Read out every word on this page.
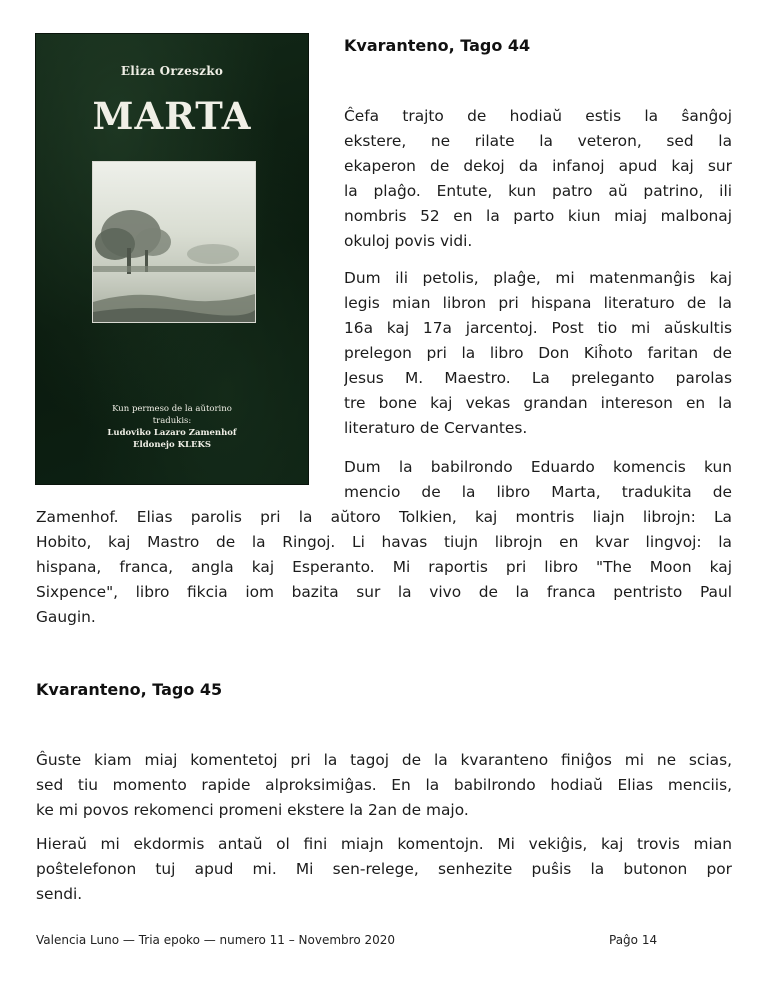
Eliza Orzeszko
MARTA
Kun permeso de la aŭtorino
tradukis:
Ludoviko Lazaro Zamenhof
Eldonejo KLEKS
Kvaranteno, Tago 44
Ĉefa trajto de hodiaŭ estis la ŝanĝoj
ekstere, ne rilate la veteron, sed la
ekaperon de dekoj da infanoj apud kaj sur
la plaĝo. Entute, kun patro aŭ patrino, ili
nombris 52 en la parto kiun miaj malbonaj
okuloj povis vidi.
Dum ili petolis, plaĝe, mi matenmanĝis kaj
legis mian libron pri hispana literaturo de la
16a kaj 17a jarcentoj. Post tio mi aŭskultis
prelegon pri la libro Don Kiĥoto faritan de
Jesus M. Maestro. La preleganto parolas
tre bone kaj vekas grandan intereson en la
literaturo de Cervantes.
Dum la babilrondo Eduardo komencis kun
mencio de la libro Marta, tradukita de
Zamenhof. Elias parolis pri la aŭtoro Tolkien, kaj montris liajn librojn: La
Hobito, kaj Mastro de la Ringoj. Li havas tiujn librojn en kvar lingvoj: la
hispana, franca, angla kaj Esperanto. Mi raportis pri libro "The Moon kaj
Sixpence", libro fikcia iom bazita sur la vivo de la franca pentristo Paul
Gaugin.
Kvaranteno, Tago 45
Ĝuste kiam miaj komentetoj pri la tagoj de la kvaranteno finiĝos mi ne scias,
sed tiu momento rapide alproksimiĝas. En la babilrondo hodiaŭ Elias menciis,
ke mi povos rekomenci promeni ekstere la 2an de majo.
Hieraŭ mi ekdormis antaŭ ol fini miajn komentojn. Mi vekiĝis, kaj trovis mian
poŝtelefonon tuj apud mi. Mi sen-relege, senhezite puŝis la butonon por
sendi.
Valencia Luno — Tria epoko — numero 11 – Novembro 2020	Paĝo 14
